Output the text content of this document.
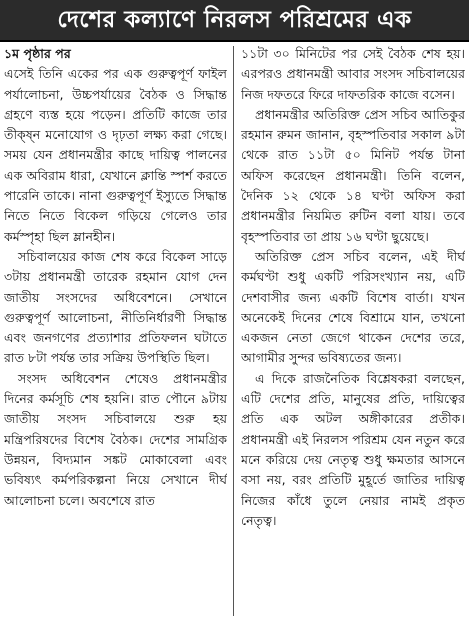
দেশের কল্যাণে নিরলস পরিশ্রমের এক

১ম পৃষ্ঠার পর

এসেই তিনি একের পর এক গুরুত্বপূর্ণ ফাইল পর্যালোচনা, উচ্চপর্যায়ের বৈঠক ও সিদ্ধান্ত গ্রহণে ব্যস্ত হয়ে পড়েন। প্রতিটি কাজে তার তীক্ষ্ন মনোযোগ ও দৃঢ়তা লক্ষ্য করা গেছে। সময় যেন প্রধানমন্ত্রীর কাছে দায়িত্ব পালনের এক অবিরাম ধারা, যেখানে ক্লান্তি স্পর্শ করতে পারেনি তাকে। নানা গুরুত্বপূর্ণ ইস্যুতে সিদ্ধান্ত নিতে নিতে বিকেল গড়িয়ে গেলেও তার কর্মস্পৃহা ছিল ম্লানহীন।

সচিবালয়ের কাজ শেষ করে বিকেল সাড়ে ৩টায় প্রধানমন্ত্রী তারেক রহমান যোগ দেন জাতীয় সংসদের অধিবেশনে। সেখানে গুরুত্বপূর্ণ আলোচনা, নীতিনির্ধারণী সিদ্ধান্ত এবং জনগণের প্রত্যাশার প্রতিফলন ঘটাতে রাত ৮টা পর্যন্ত তার সক্রিয় উপস্থিতি ছিল।

সংসদ অধিবেশন শেষেও প্রধানমন্ত্রীর দিনের কর্মসূচি শেষ হয়নি। রাত পৌনে ৯টায় জাতীয় সংসদ সচিবালয়ে শুরু হয় মন্ত্রিপরিষদের বিশেষ বৈঠক। দেশের সামগ্রিক উন্নয়ন, বিদ্যমান সঙ্কট মোকাবেলা এবং ভবিষ্যৎ কর্মপরিকল্পনা নিয়ে সেখানে দীর্ঘ আলোচনা চলে। অবশেষে রাত

১১টা ৩০ মিনিটের পর সেই বৈঠক শেষ হয়। এরপরও প্রধানমন্ত্রী আবার সংসদ সচিবালয়ের নিজ দফতরে ফিরে দাফতরিক কাজে বসেন।

প্রধানমন্ত্রীর অতিরিক্ত প্রেস সচিব আতিকুর রহমান রুমন জানান, বৃহস্পতিবার সকাল ৯টা থেকে রাত ১১টা ৫০ মিনিট পর্যন্ত টানা অফিস করেছেন প্রধানমন্ত্রী। তিনি বলেন, দৈনিক ১২ থেকে ১৪ ঘণ্টা অফিস করা প্রধানমন্ত্রীর নিয়মিত রুটিন বলা যায়। তবে বৃহস্পতিবার তা প্রায় ১৬ ঘণ্টা ছুয়েছে।

অতিরিক্ত প্রেস সচিব বলেন, এই দীর্ঘ কর্মঘণ্টা শুধু একটি পরিসংখ্যান নয়, এটি দেশবাসীর জন্য একটি বিশেষ বার্তা। যখন অনেকেই দিনের শেষে বিশ্রামে যান, তখনো একজন নেতা জেগে থাকেন দেশের তরে, আগামীর সুন্দর ভবিষ্যতের জন্য।

এ দিকে রাজনৈতিক বিশ্লেষকরা বলছেন, এটি দেশের প্রতি, মানুষের প্রতি, দায়িত্বের প্রতি এক অটল অঙ্গীকারের প্রতীক। প্রধানমন্ত্রী এই নিরলস পরিশ্রম যেন নতুন করে মনে করিয়ে দেয় নেতৃত্ব শুধু ক্ষমতার আসনে বসা নয়, বরং প্রতিটি মুহূর্তে জাতির দায়িত্ব নিজের কাঁধে তুলে নেয়ার নামই প্রকৃত নেতৃত্ব।
